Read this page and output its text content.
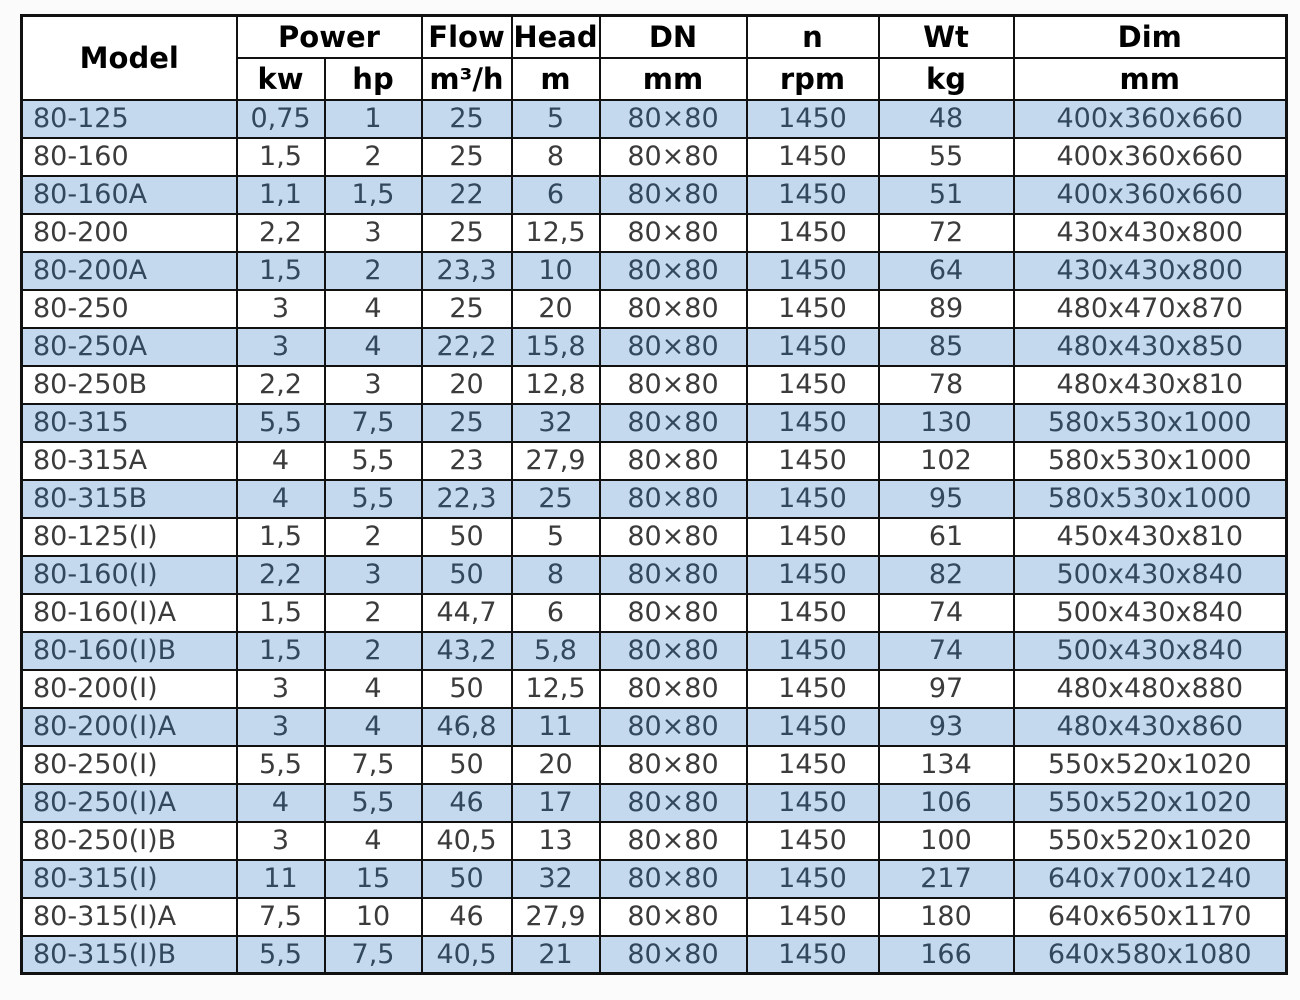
Model	Power		Flow	Head	DN	n	Wt	Dim
	kw	hp	m³/h	m	mm	rpm	kg	mm
80-125	0,75	1	25	5	80×80	1450	48	400x360x660
80-160	1,5	2	25	8	80×80	1450	55	400x360x660
80-160A	1,1	1,5	22	6	80×80	1450	51	400x360x660
80-200	2,2	3	25	12,5	80×80	1450	72	430x430x800
80-200A	1,5	2	23,3	10	80×80	1450	64	430x430x800
80-250	3	4	25	20	80×80	1450	89	480x470x870
80-250A	3	4	22,2	15,8	80×80	1450	85	480x430x850
80-250B	2,2	3	20	12,8	80×80	1450	78	480x430x810
80-315	5,5	7,5	25	32	80×80	1450	130	580x530x1000
80-315A	4	5,5	23	27,9	80×80	1450	102	580x530x1000
80-315B	4	5,5	22,3	25	80×80	1450	95	580x530x1000
80-125(I)	1,5	2	50	5	80×80	1450	61	450x430x810
80-160(I)	2,2	3	50	8	80×80	1450	82	500x430x840
80-160(I)A	1,5	2	44,7	6	80×80	1450	74	500x430x840
80-160(I)B	1,5	2	43,2	5,8	80×80	1450	74	500x430x840
80-200(I)	3	4	50	12,5	80×80	1450	97	480x480x880
80-200(I)A	3	4	46,8	11	80×80	1450	93	480x430x860
80-250(I)	5,5	7,5	50	20	80×80	1450	134	550x520x1020
80-250(I)A	4	5,5	46	17	80×80	1450	106	550x520x1020
80-250(I)B	3	4	40,5	13	80×80	1450	100	550x520x1020
80-315(I)	11	15	50	32	80×80	1450	217	640x700x1240
80-315(I)A	7,5	10	46	27,9	80×80	1450	180	640x650x1170
80-315(I)B	5,5	7,5	40,5	21	80×80	1450	166	640x580x1080
